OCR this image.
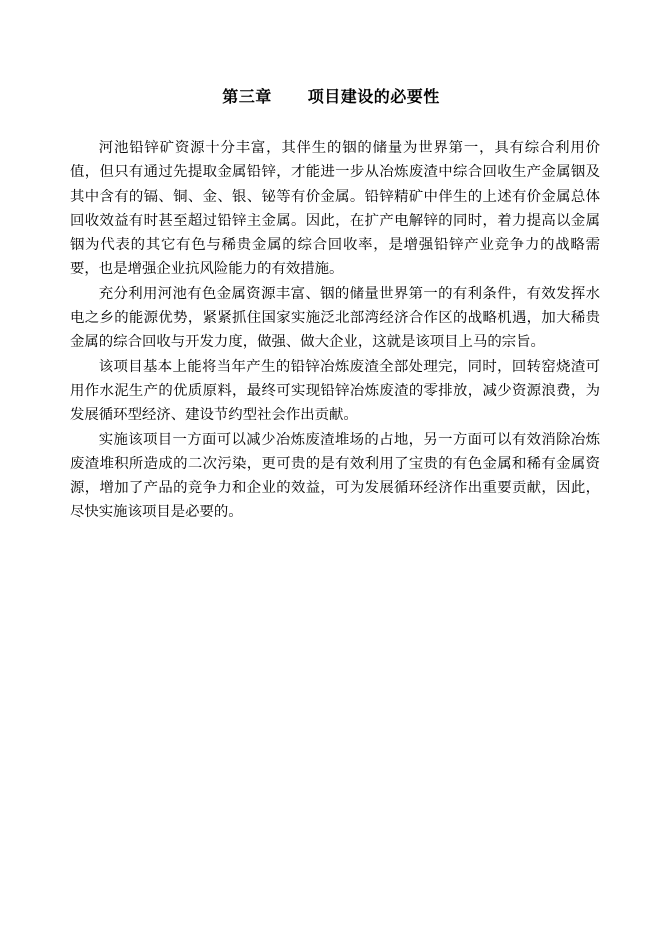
第三章 项目建设的必要性

河池铅锌矿资源十分丰富，其伴生的铟的储量为世界第一，具有综合利用价值，但只有通过先提取金属铅锌，才能进一步从冶炼废渣中综合回收生产金属铟及其中含有的镉、铜、金、银、铋等有价金属。铅锌精矿中伴生的上述有价金属总体回收效益有时甚至超过铅锌主金属。因此，在扩产电解锌的同时，着力提高以金属铟为代表的其它有色与稀贵金属的综合回收率，是增强铅锌产业竞争力的战略需要，也是增强企业抗风险能力的有效措施。

充分利用河池有色金属资源丰富、铟的储量世界第一的有利条件，有效发挥水电之乡的能源优势，紧紧抓住国家实施泛北部湾经济合作区的战略机遇，加大稀贵金属的综合回收与开发力度，做强、做大企业，这就是该项目上马的宗旨。

该项目基本上能将当年产生的铅锌冶炼废渣全部处理完，同时，回转窑烧渣可用作水泥生产的优质原料，最终可实现铅锌冶炼废渣的零排放，减少资源浪费，为发展循环型经济、建设节约型社会作出贡献。

实施该项目一方面可以减少冶炼废渣堆场的占地，另一方面可以有效消除冶炼废渣堆积所造成的二次污染，更可贵的是有效利用了宝贵的有色金属和稀有金属资源，增加了产品的竞争力和企业的效益，可为发展循环经济作出重要贡献，因此，尽快实施该项目是必要的。
